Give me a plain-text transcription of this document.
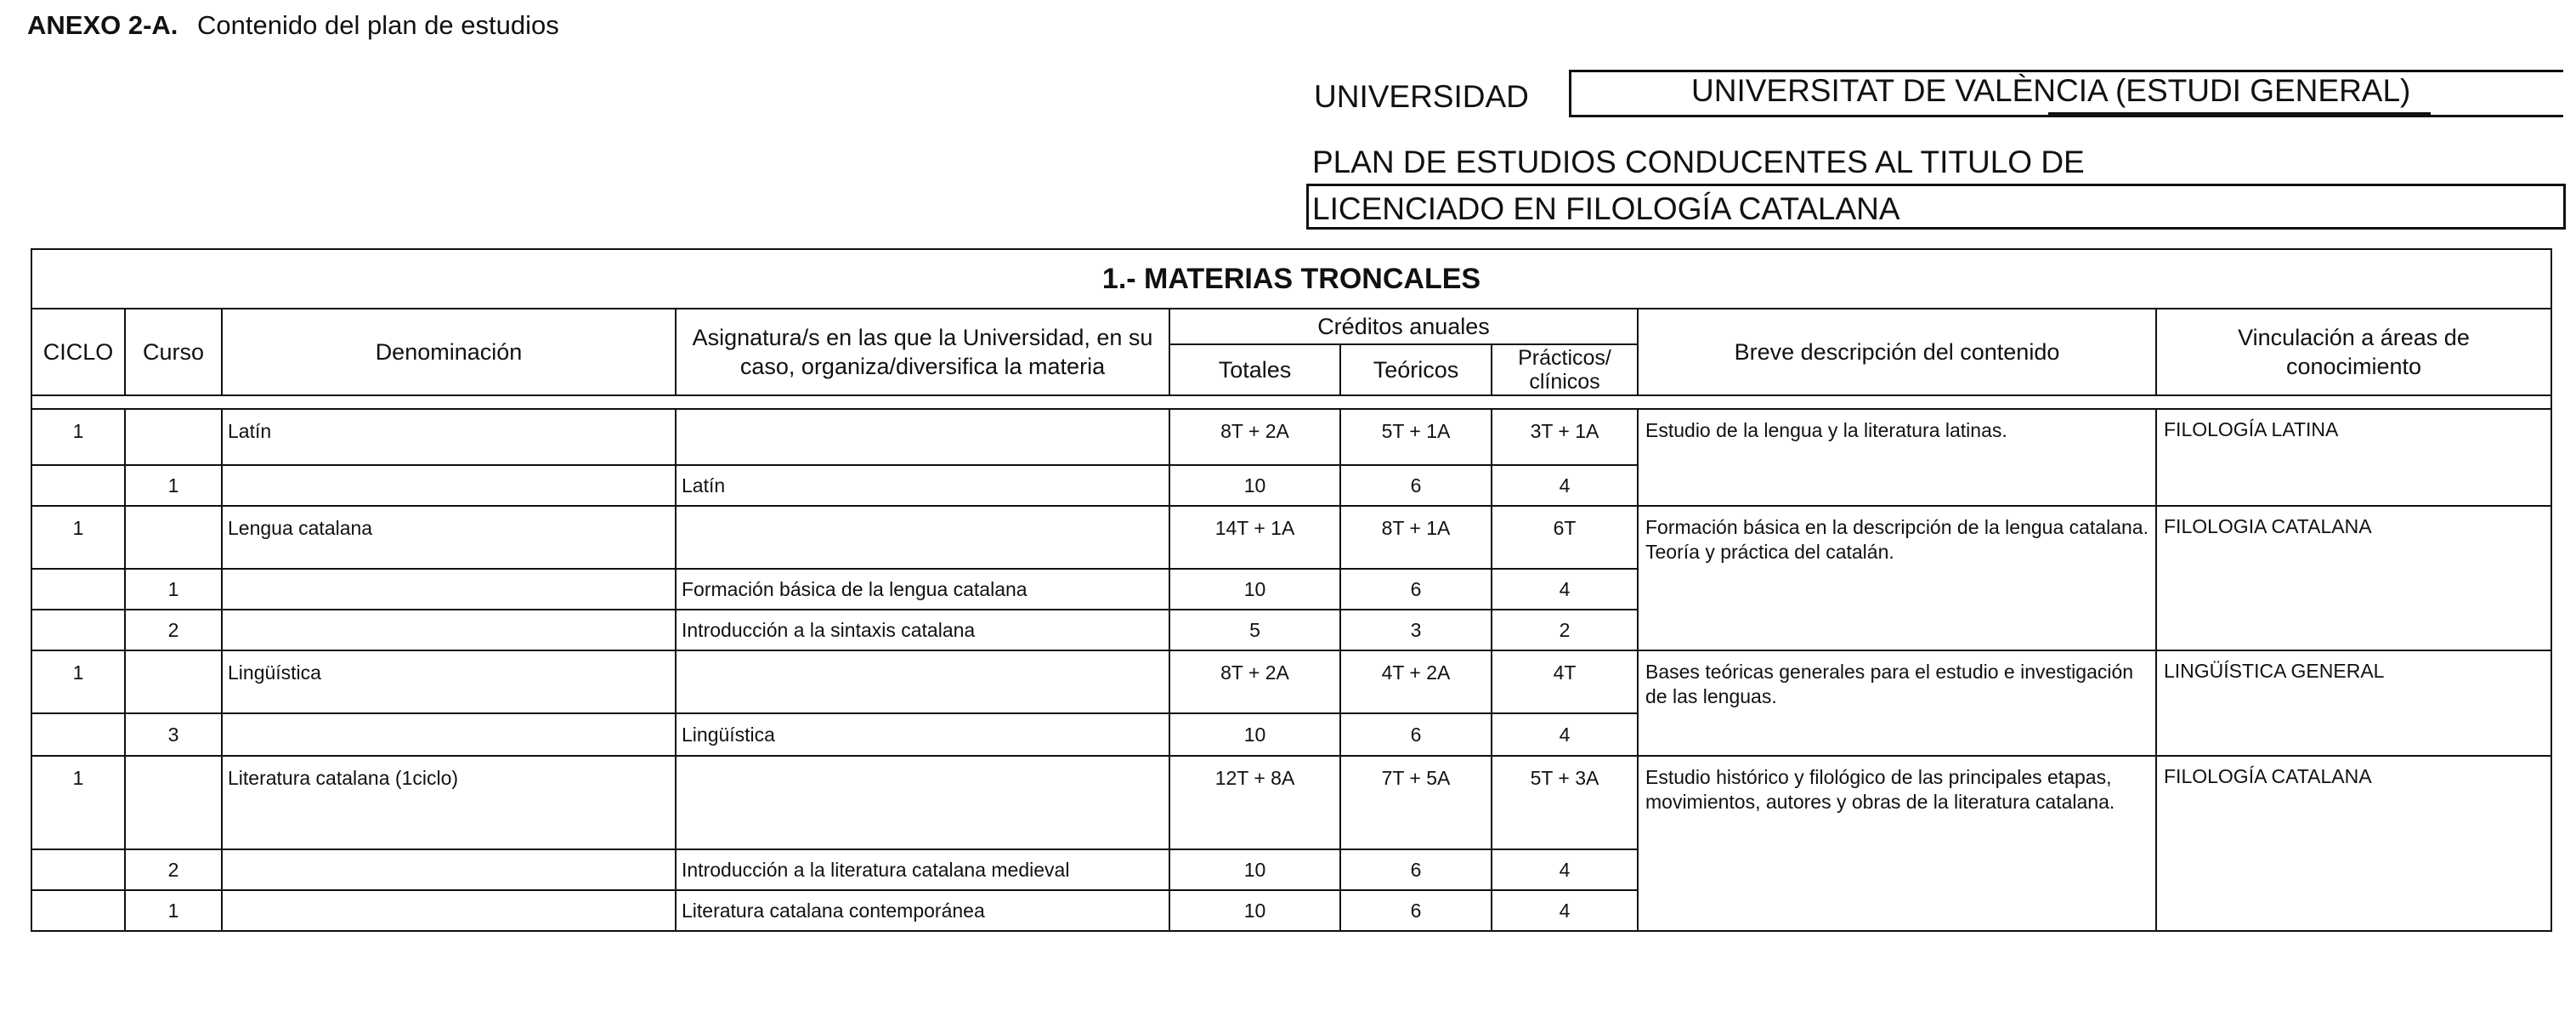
ANEXO 2-A. Contenido del plan de estudios
UNIVERSIDAD	UNIVERSITAT DE VALÈNCIA (ESTUDI GENERAL)
PLAN DE ESTUDIOS CONDUCENTES AL TITULO DE
LICENCIADO EN FILOLOGÍA CATALANA
1.- MATERIAS TRONCALES								
CICLO	Curso	Denominación	Asignatura/s en las que la Universidad, en su caso, organiza/diversifica la materia	Créditos anuales			Breve descripción del contenido	Vinculación a áreas de conocimiento
				Totales	Teóricos	Prácticos/ clínicos		

1		Latín		8T + 2A	5T + 1A	3T + 1A	Estudio de la lengua y la literatura latinas.	FILOLOGÍA LATINA
	1		Latín	10	6	4		
1		Lengua catalana		14T + 1A	8T + 1A	6T	Formación básica en la descripción de la lengua catalana. Teoría y práctica del catalán.	FILOLOGIA CATALANA
	1		Formación básica de la lengua catalana	10	6	4		
	2		Introducción a la sintaxis catalana	5	3	2		
1		Lingüística		8T + 2A	4T + 2A	4T	Bases teóricas generales para el estudio e investigación de las lenguas.	LINGÜÍSTICA GENERAL
	3		Lingüística	10	6	4		
1		Literatura catalana (1ciclo)		12T + 8A	7T + 5A	5T + 3A	Estudio histórico y filológico de las principales etapas, movimientos, autores y obras de la literatura catalana.	FILOLOGÍA CATALANA
	2		Introducción a la literatura catalana medieval	10	6	4		
	1		Literatura catalana contemporánea	10	6	4		
